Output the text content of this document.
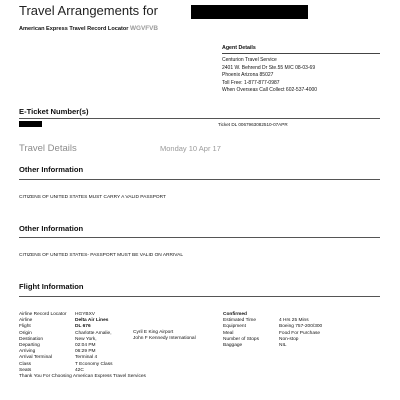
Travel Arrangements for
American Express Travel Record Locator WGVFVB
Agent Details
Centurion Travel Service
2401 W. Behrend Dr Ste.55 M/C 08-03-69
Phoenix Arizona 85027
Toll Free: 1-877-877-0987
When Overseas Call Collect 602-537-4000
E-Ticket Number(s)
Ticket DL 0067963082510-07APR
Travel Details	Monday 10 Apr 17
Other Information
CITIZENS OF UNITED STATES MUST CARRY A VALID PASSPORT
Other Information
CITIZENS OF UNITED STATES- PASSPORT MUST BE VALID ON ARRIVAL
Flight Information
Airline Record Locator
Airline
Flight
Origin
Destination
Departing
Arriving
Arrival Terminal
Class
Seats
Thank You For Choosing American Express Travel Services
HGYBXV
Delta Air Lines
DL 676
Charlotte Amalie,
New York,
02:04 PM
06:29 PM
Terminal 4
T Economy Class
42C
Cyril E King Airport
John F Kennedy International
Confirmed
Estimated Time
Equipment
Meal
Number of Stops
Baggage

4 Hrs 25 Mins
Boeing 757-200/300
Food For Purchase
Non-stop
NIL
